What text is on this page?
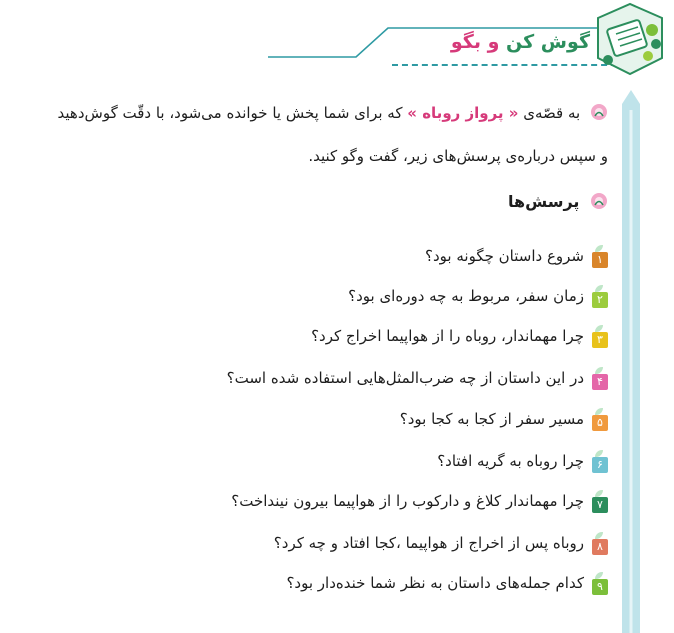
گوش کن و بگو
به قصّه‌ی « پرواز روباه » که برای شما پخش یا خوانده می‌شود، با دقّت گوش‌دهید
و سپس درباره‌ی پرسش‌های زیر، گفت وگو کنید.
پرسش‌ها
۱شروع داستان چگونه بود؟
۲زمان سفر، مربوط به چه دوره‌ای بود؟
۳چرا مهماندار، روباه را از هواپیما اخراج کرد؟
۴در این داستان از چه ضرب‌المثل‌هایی استفاده شده است؟
۵مسیر سفر از کجا به کجا بود؟
۶چرا روباه به گریه افتاد؟
۷چرا مهماندار کلاغ و دارکوب را از هواپیما بیرون نینداخت؟
۸روباه پس از اخراج از هواپیما ،کجا افتاد و چه کرد؟
۹کدام جمله‌های داستان به نظر شما خنده‌دار بود؟
